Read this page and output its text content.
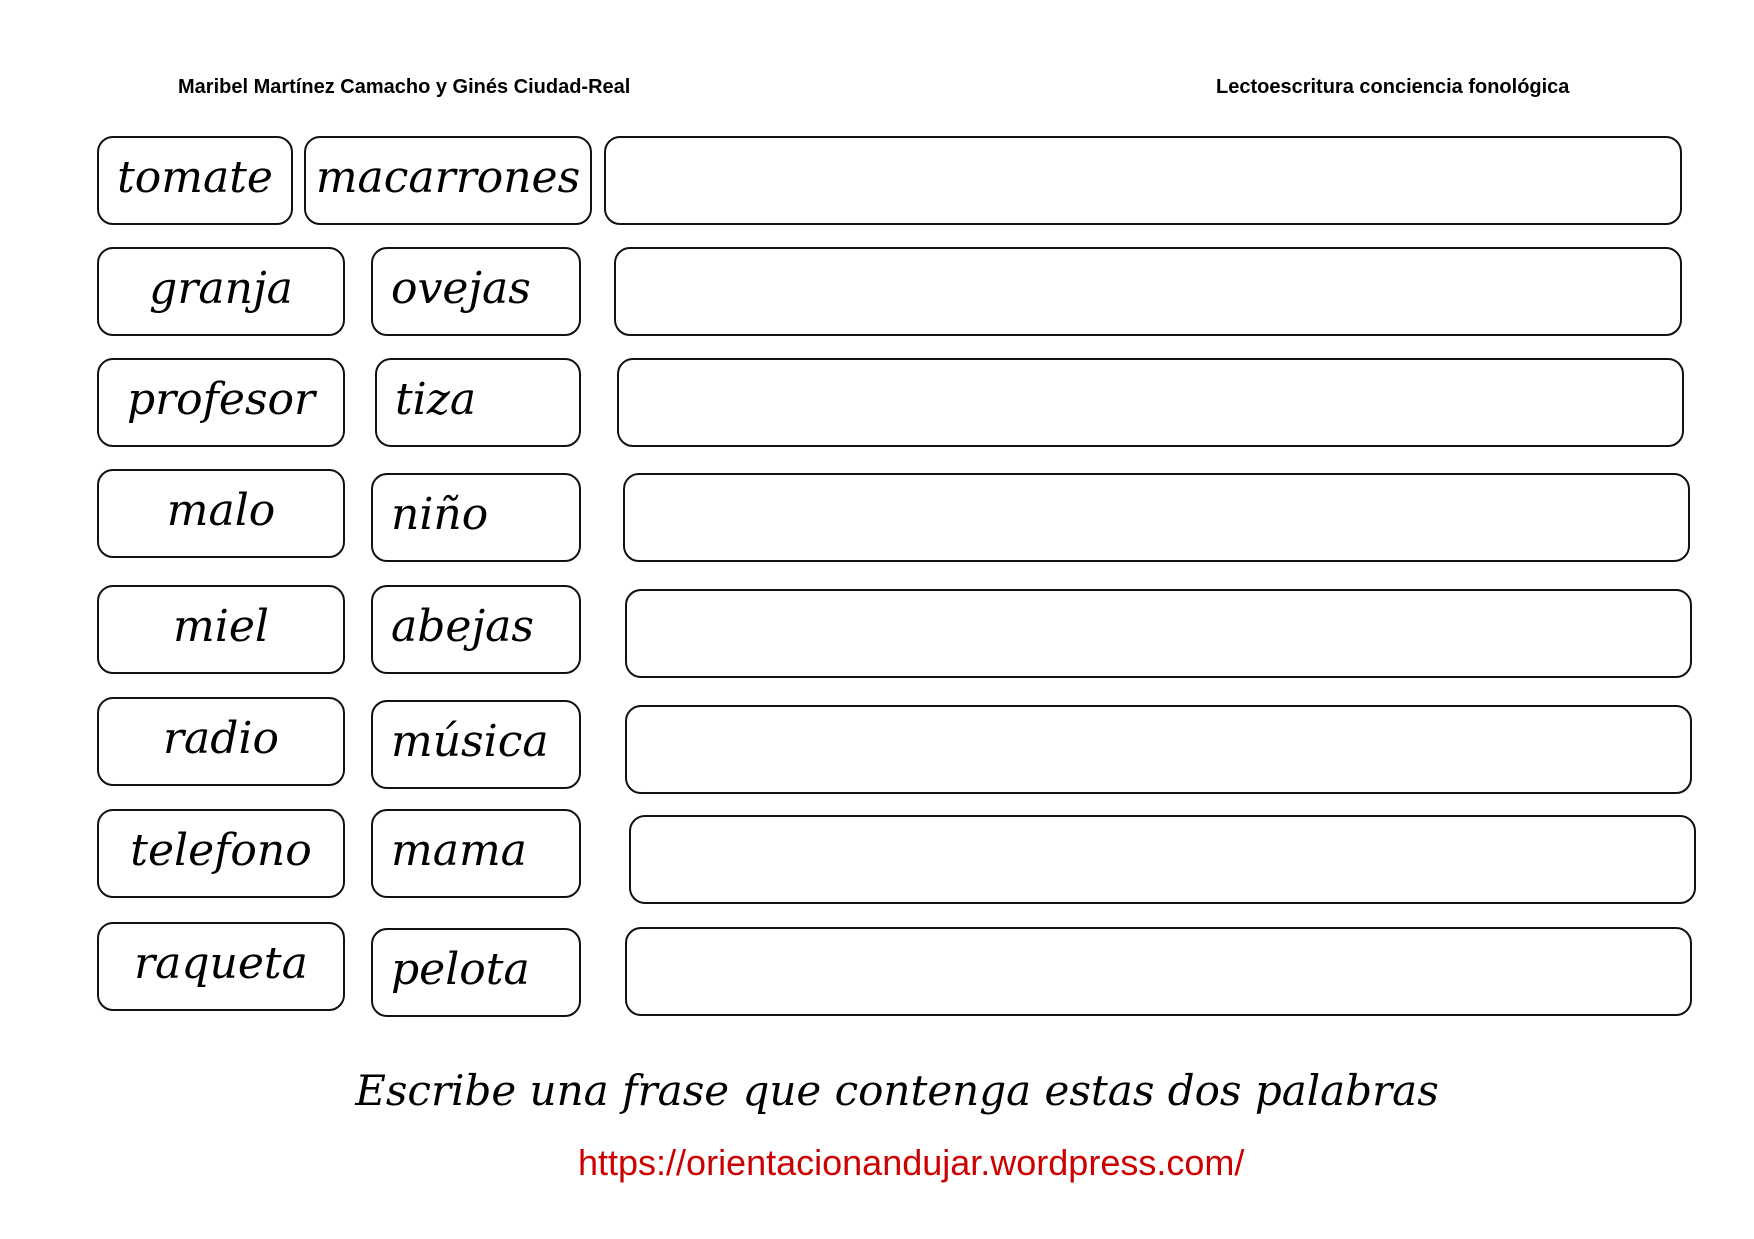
Maribel Martínez Camacho y Ginés Ciudad-Real	Lectoescritura conciencia fonológica
tomate macarrones
granja ovejas
profesor tiza
malo	niño
miel	abejas
radio	música
telefono mama
raqueta pelota
Escribe una frase que contenga estas dos palabras
https://orientacionandujar.wordpress.com/
